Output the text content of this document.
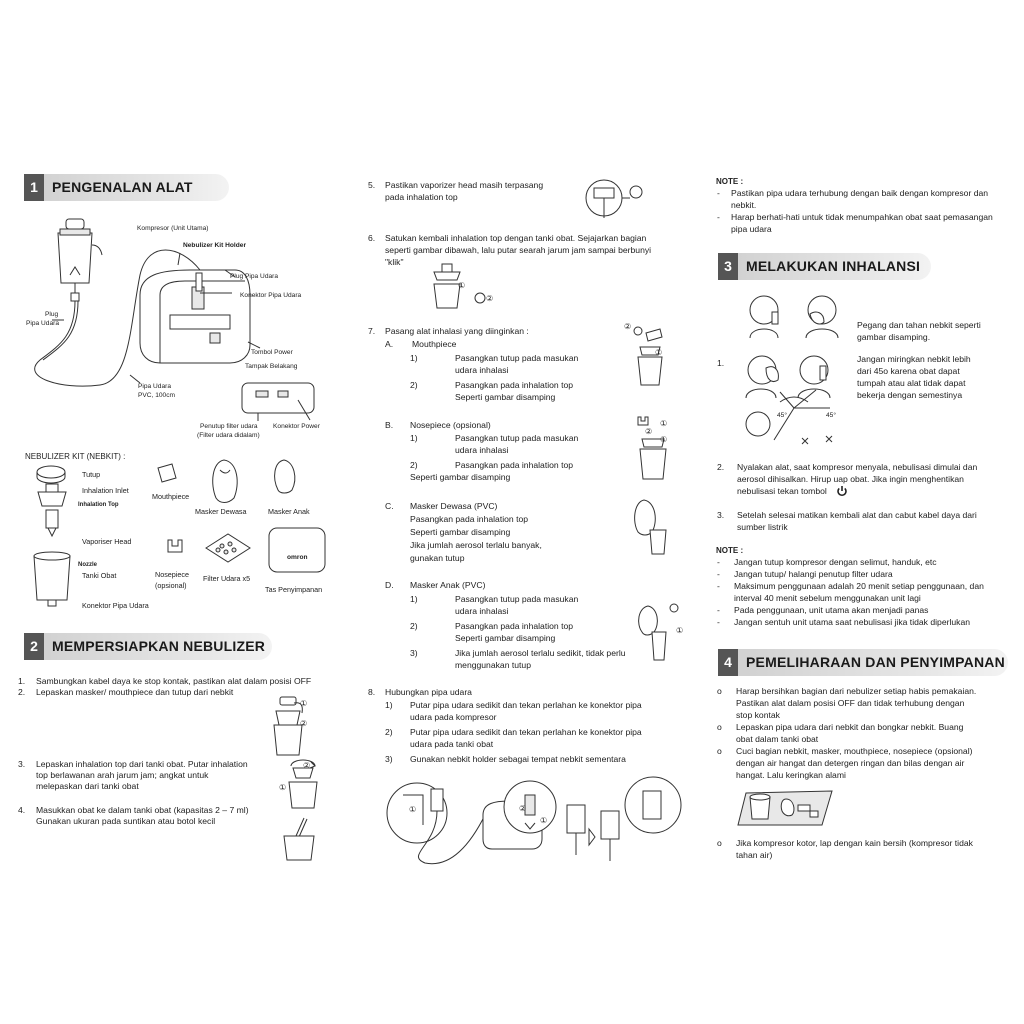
1	PENGENALAN ALAT
Kompresor (Unit Utama)
Nebulizer Kit Holder
Plug Pipa Udara
Konektor Pipa Udara
Plug
Pipa Udara
Tombol Power
Tampak Belakang
Pipa Udara
PVC, 100cm
Penutup filter udara
(Filter udara didalam)
Konektor Power
NEBULIZER KIT (NEBKIT) :
omron
Tutup
Inhalation Inlet
Inhalation Top
Vaporiser Head
Nozzle
Tanki Obat
Konektor Pipa Udara
Mouthpiece
Masker Dewasa	Masker Anak
Nosepiece
(opsional)
Filter Udara x5
Tas Penyimpanan
2	MEMPERSIAPKAN NEBULIZER
1. Sambungkan kabel daya ke stop kontak, pastikan alat dalam posisi OFF
2. Lepaskan masker/ mouthpiece dan tutup dari nebkit
①
②
3. Lepaskan inhalation top dari tanki obat. Putar inhalation
top berlawanan arah jarum jam; angkat untuk
melepaskan dari tanki obat
②
①
4. Masukkan obat ke dalam tanki obat (kapasitas 2 – 7 ml)
Gunakan ukuran pada suntikan atau botol kecil
5. Pastikan vaporizer head masih terpasang
pada inhalation top
6. Satukan kembali inhalation top dengan tanki obat. Sejajarkan bagian
seperti gambar dibawah, lalu putar searah jarum jam sampai berbunyi
"klik"
①
②
7. Pasang alat inhalasi yang diinginkan :
A. Mouthpiece
1)	Pasangkan tutup pada masukan
udara inhalasi
2)	Pasangkan pada inhalation top
Seperti gambar disamping
②
①
B. Nosepiece (opsional)
1)	Pasangkan tutup pada masukan
udara inhalasi
2)	Pasangkan pada inhalation top
Seperti gambar disamping
①
②
①
C. Masker Dewasa (PVC)
Pasangkan pada inhalation top
Seperti gambar disamping
Jika jumlah aerosol terlalu banyak,
gunakan tutup
D. Masker Anak (PVC)
1)	Pasangkan tutup pada masukan
udara inhalasi
2)	Pasangkan pada inhalation top
Seperti gambar disamping
3)	Jika jumlah aerosol terlalu sedikit, tidak perlu
menggunakan tutup
①
8. Hubungkan pipa udara
1) Putar pipa udara sedikit dan tekan perlahan ke konektor pipa
udara pada kompresor
2) Putar pipa udara sedikit dan tekan perlahan ke konektor pipa
udara pada tanki obat
3) Gunakan nebkit holder sebagai tempat nebkit sementara
①	②
①
NOTE :
- Pastikan pipa udara terhubung dengan baik dengan kompresor dan
nebkit.
- Harap berhati-hati untuk tidak menumpahkan obat saat pemasangan
pipa udara
3	MELAKUKAN INHALANSI
45°	45°
Pegang dan tahan nebkit seperti
gambar disamping.
1.	Jangan miringkan nebkit lebih
dari 45o karena obat dapat
tumpah atau alat tidak dapat
bekerja dengan semestinya
2. Nyalakan alat, saat kompresor menyala, nebulisasi dimulai dan
aerosol dihisalkan. Hirup uap obat. Jika ingin menghentikan
nebulisasi tekan tombol
3. Setelah selesai matikan kembali alat dan cabut kabel daya dari
sumber listrik
NOTE :
- Jangan tutup kompresor dengan selimut, handuk, etc
- Jangan tutup/ halangi penutup filter udara
- Maksimum penggunaan adalah 20 menit setiap penggunaan, dan
interval 40 menit sebelum menggunakan unit lagi
- Pada penggunaan, unit utama akan menjadi panas
- Jangan sentuh unit utama saat nebulisasi jika tidak diperlukan
4	PEMELIHARAAN DAN PENYIMPANAN
o Harap bersihkan bagian dari nebulizer setiap habis pemakaian.
Pastikan alat dalam posisi OFF dan tidak terhubung dengan
stop kontak
o Lepaskan pipa udara dari nebkit dan bongkar nebkit. Buang
obat dalam tanki obat
o Cuci bagian nebkit, masker, mouthpiece, nosepiece (opsional)
dengan air hangat dan detergen ringan dan bilas dengan air
hangat. Lalu keringkan alami
o Jika kompresor kotor, lap dengan kain bersih (kompresor tidak
tahan air)
